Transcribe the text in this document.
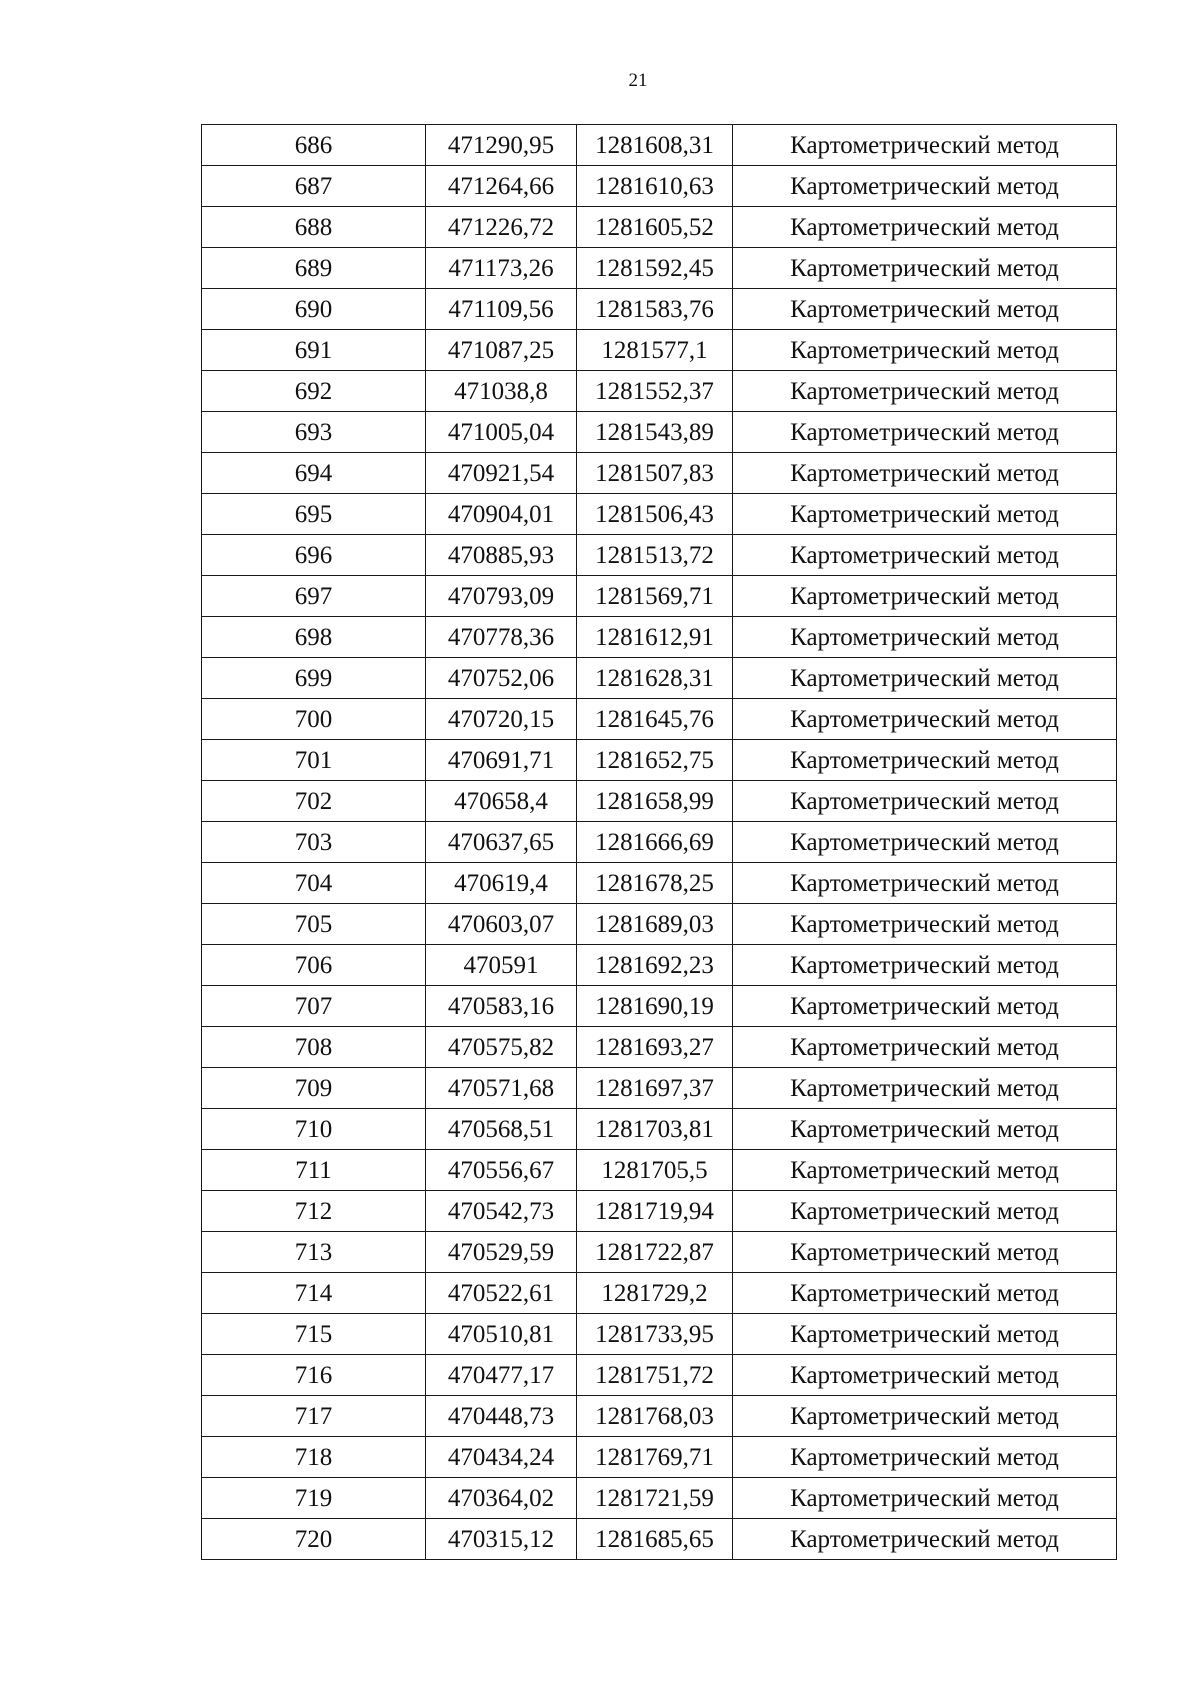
21
686	471290,95	1281608,31	Картометрический метод
687	471264,66	1281610,63	Картометрический метод
688	471226,72	1281605,52	Картометрический метод
689	471173,26	1281592,45	Картометрический метод
690	471109,56	1281583,76	Картометрический метод
691	471087,25	1281577,1	Картометрический метод
692	471038,8	1281552,37	Картометрический метод
693	471005,04	1281543,89	Картометрический метод
694	470921,54	1281507,83	Картометрический метод
695	470904,01	1281506,43	Картометрический метод
696	470885,93	1281513,72	Картометрический метод
697	470793,09	1281569,71	Картометрический метод
698	470778,36	1281612,91	Картометрический метод
699	470752,06	1281628,31	Картометрический метод
700	470720,15	1281645,76	Картометрический метод
701	470691,71	1281652,75	Картометрический метод
702	470658,4	1281658,99	Картометрический метод
703	470637,65	1281666,69	Картометрический метод
704	470619,4	1281678,25	Картометрический метод
705	470603,07	1281689,03	Картометрический метод
706	470591	1281692,23	Картометрический метод
707	470583,16	1281690,19	Картометрический метод
708	470575,82	1281693,27	Картометрический метод
709	470571,68	1281697,37	Картометрический метод
710	470568,51	1281703,81	Картометрический метод
711	470556,67	1281705,5	Картометрический метод
712	470542,73	1281719,94	Картометрический метод
713	470529,59	1281722,87	Картометрический метод
714	470522,61	1281729,2	Картометрический метод
715	470510,81	1281733,95	Картометрический метод
716	470477,17	1281751,72	Картометрический метод
717	470448,73	1281768,03	Картометрический метод
718	470434,24	1281769,71	Картометрический метод
719	470364,02	1281721,59	Картометрический метод
720	470315,12	1281685,65	Картометрический метод
